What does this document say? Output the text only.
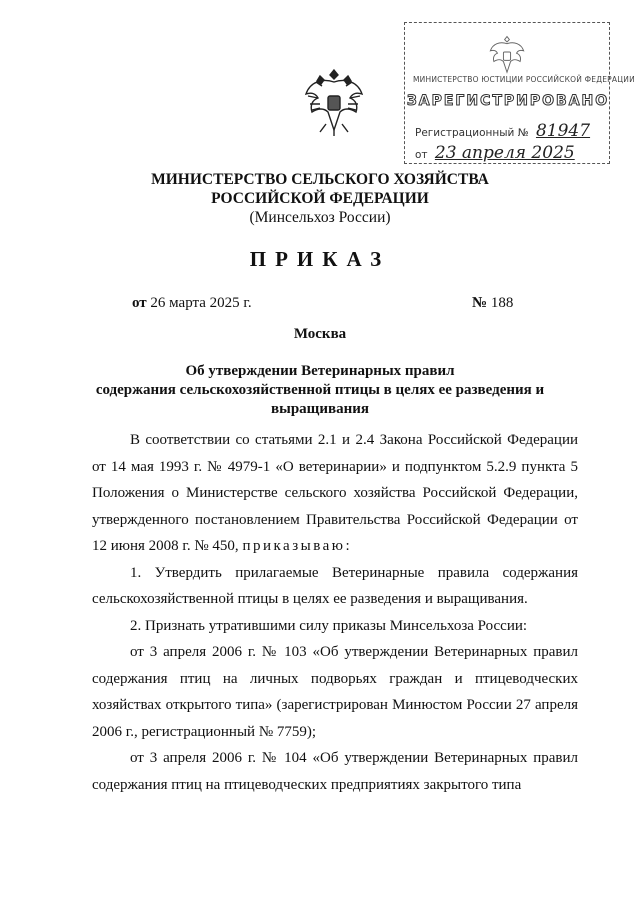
МИНИСТЕРСТВО ЮСТИЦИИ РОССИЙСКОЙ ФЕДЕРАЦИИ
ЗАРЕГИСТРИРОВАНО
Регистрационный № 81947
от 23 апреля 2025
МИНИСТЕРСТВО СЕЛЬСКОГО ХОЗЯЙСТВА
РОССИЙСКОЙ ФЕДЕРАЦИИ
(Минсельхоз России)
ПРИКАЗ
от 26 марта 2025 г.	№ 188
Москва
Об утверждении Ветеринарных правил
содержания сельскохозяйственной птицы в целях ее разведения и
выращивания

В соответствии со статьями 2.1 и 2.4 Закона Российской Федерации от 14 мая 1993 г. № 4979-1 «О ветеринарии» и подпунктом 5.2.9 пункта 5 Положения о Министерстве сельского хозяйства Российской Федерации, утвержденного постановлением Правительства Российской Федерации от 12 июня 2008 г. № 450, приказываю:

1. Утвердить прилагаемые Ветеринарные правила содержания сельскохозяйственной птицы в целях ее разведения и выращивания.

2. Признать утратившими силу приказы Минсельхоза России:

от 3 апреля 2006 г. № 103 «Об утверждении Ветеринарных правил содержания птиц на личных подворьях граждан и птицеводческих хозяйствах открытого типа» (зарегистрирован Минюстом России 27 апреля 2006 г., регистрационный № 7759);

от 3 апреля 2006 г. № 104 «Об утверждении Ветеринарных правил содержания птиц на птицеводческих предприятиях закрытого типа
